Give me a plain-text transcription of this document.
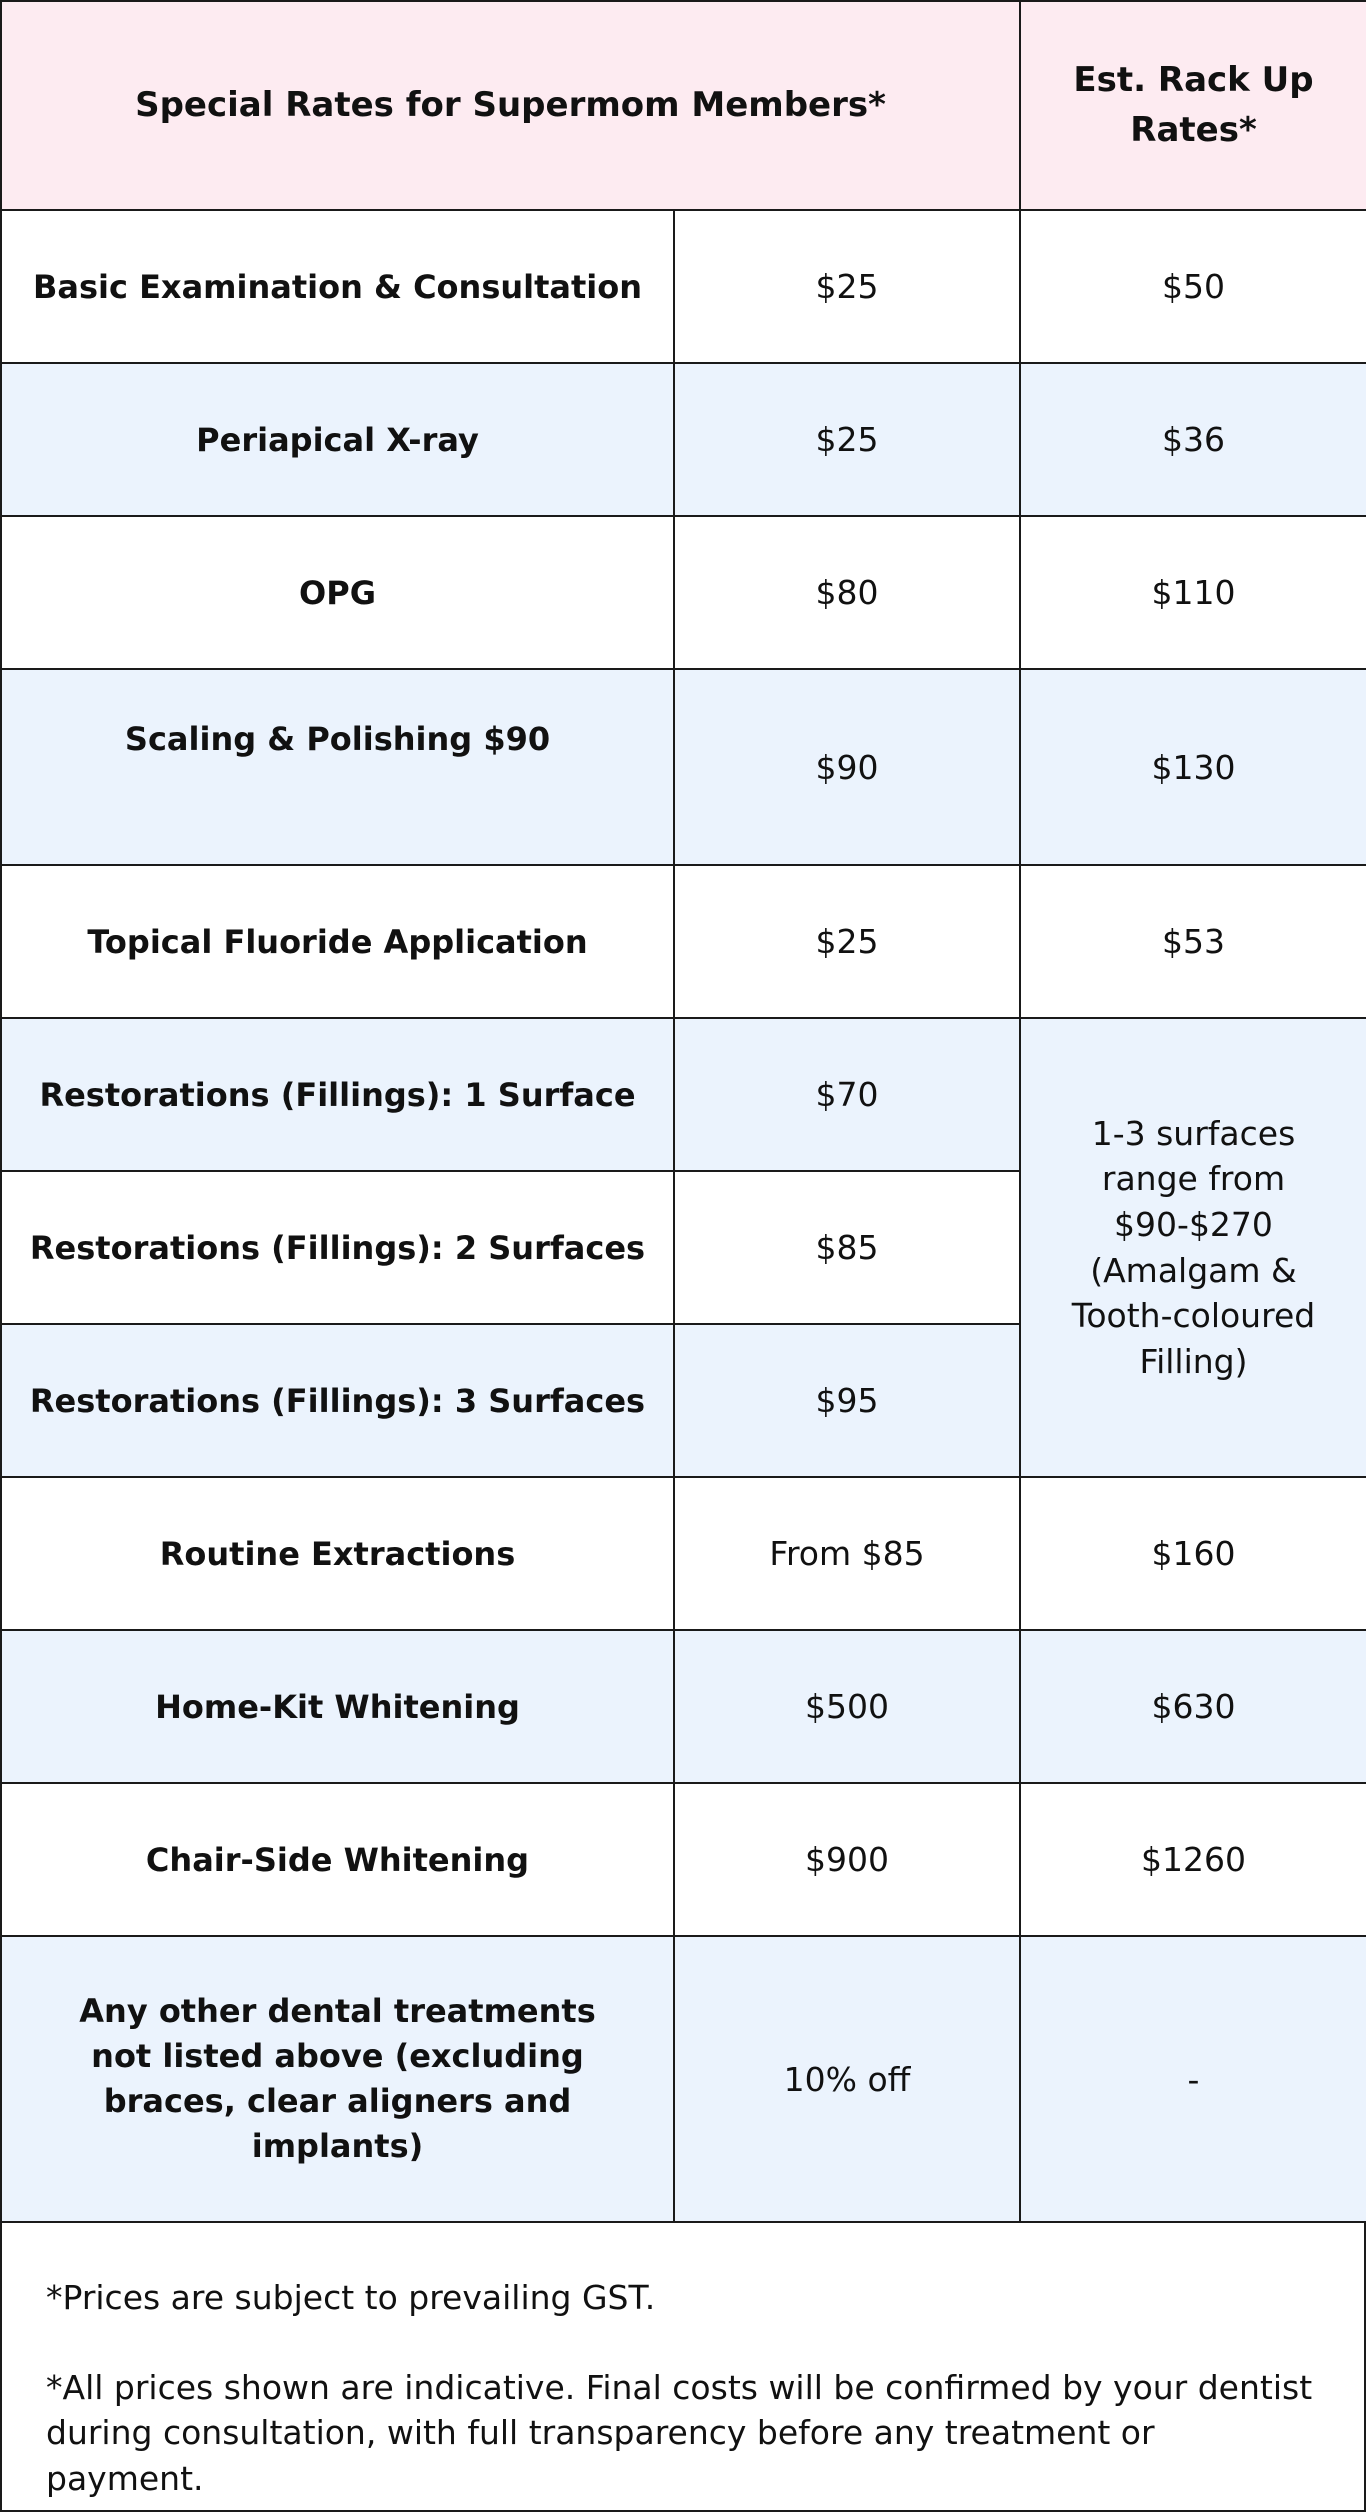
Special Rates for Supermom Members*		Est. Rack Up Rates*
Basic Examination & Consultation	$25	$50
Periapical X-ray	$25	$36
OPG	$80	$110
Scaling & Polishing $90	$90	$130
Topical Fluoride Application	$25	$53
Restorations (Fillings): 1 Surface	$70	1-3 surfaces range from $90-$270 (Amalgam & Tooth-coloured Filling)
Restorations (Fillings): 2 Surfaces	$85	
Restorations (Fillings): 3 Surfaces	$95	
Routine Extractions	From $85	$160
Home-Kit Whitening	$500	$630
Chair-Side Whitening	$900	$1260
Any other dental treatments not listed above (excluding braces, clear aligners and implants)	10% off	-

*Prices are subject to prevailing GST.

*All prices shown are indicative. Final costs will be confirmed by your dentist during consultation, with full transparency before any treatment or payment.
